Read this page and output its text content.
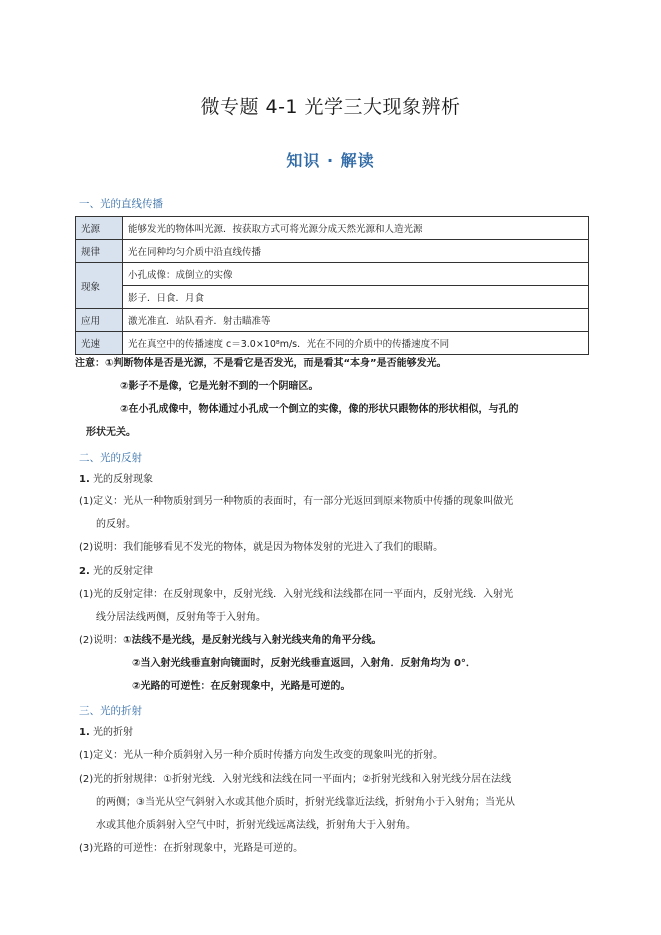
微专题 4-1 光学三大现象辨析
知识 · 解读
一、光的直线传播
光源	能够发光的物体叫光源．按获取方式可将光源分成天然光源和人造光源
规律	光在同种均匀介质中沿直线传播
现象	小孔成像：成倒立的实像
	影子．日食．月食
应用	激光准直．站队看齐．射击瞄准等
光速	光在真空中的传播速度 c＝3.0×10⁸m/s．光在不同的介质中的传播速度不同
注意：①判断物体是否是光源，不是看它是否发光，而是看其“本身”是否能够发光。
②影子不是像，它是光射不到的一个阴暗区。
②在小孔成像中，物体通过小孔成一个倒立的实像，像的形状只跟物体的形状相似，与孔的
形状无关。
二、光的反射
1. 光的反射现象
(1)定义：光从一种物质射到另一种物质的表面时，有一部分光返回到原来物质中传播的现象叫做光
的反射。
(2)说明：我们能够看见不发光的物体，就是因为物体发射的光进入了我们的眼睛。
2. 光的反射定律
(1)光的反射定律：在反射现象中，反射光线．入射光线和法线都在同一平面内，反射光线．入射光
线分居法线两侧，反射角等于入射角。
(2)说明：①法线不是光线，是反射光线与入射光线夹角的角平分线。
②当入射光线垂直射向镜面时，反射光线垂直返回，入射角．反射角均为 0°．
②光路的可逆性：在反射现象中，光路是可逆的。
三、光的折射
1. 光的折射
(1)定义：光从一种介质斜射入另一种介质时传播方向发生改变的现象叫光的折射。
(2)光的折射规律：①折射光线．入射光线和法线在同一平面内；②折射光线和入射光线分居在法线
的两侧；③当光从空气斜射入水或其他介质时，折射光线靠近法线，折射角小于入射角；当光从
水或其他介质斜射入空气中时，折射光线远离法线，折射角大于入射角。
(3)光路的可逆性：在折射现象中，光路是可逆的。
